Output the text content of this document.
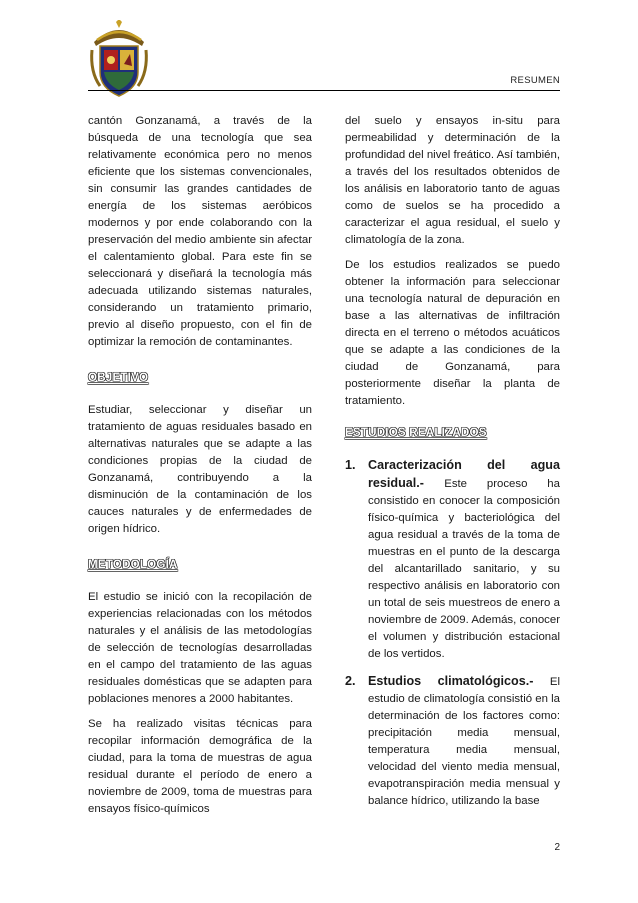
RESUMEN

cantón Gonzanamá, a través de la búsqueda de una tecnología que sea relativamente económica pero no menos eficiente que los sistemas convencionales, sin consumir las grandes cantidades de energía de los sistemas aeróbicos modernos y por ende colaborando con la preservación del medio ambiente sin afectar el calentamiento global. Para este fin se seleccionará y diseñará la tecnología más adecuada utilizando sistemas naturales, considerando un tratamiento primario, previo al diseño propuesto, con el fin de optimizar la remoción de contaminantes.

OBJETIVO

Estudiar, seleccionar y diseñar un tratamiento de aguas residuales basado en alternativas naturales que se adapte a las condiciones propias de la ciudad de Gonzanamá, contribuyendo a la disminución de la contaminación de los cauces naturales y de enfermedades de origen hídrico.

METODOLOGÍA

El estudio se inició con la recopilación de experiencias relacionadas con los métodos naturales y el análisis de las metodologías de selección de tecnologías desarrolladas en el campo del tratamiento de las aguas residuales domésticas que se adapten para poblaciones menores a 2000 habitantes.

Se ha realizado visitas técnicas para recopilar información demográfica de la ciudad, para la toma de muestras de agua residual durante el período de enero a noviembre de 2009, toma de muestras para ensayos físico-químicos

del suelo y ensayos in-situ para permeabilidad y determinación de la profundidad del nivel freático. Así también, a través del los resultados obtenidos de los análisis en laboratorio tanto de aguas como de suelos se ha procedido a caracterizar el agua residual, el suelo y climatología de la zona.

De los estudios realizados se puedo obtener la información para seleccionar una tecnología natural de depuración en base a las alternativas de infiltración directa en el terreno o métodos acuáticos que se adapte a las condiciones de la ciudad de Gonzanamá, para posteriormente diseñar la planta de tratamiento.

ESTUDIOS REALIZADOS
1. Caracterización del agua residual.- Este proceso ha consistido en conocer la composición físico-química y bacteriológica del agua residual a través de la toma de muestras en el punto de la descarga del alcantarillado sanitario, y su respectivo análisis en laboratorio con un total de seis muestreos de enero a noviembre de 2009. Además, conocer el volumen y distribución estacional de los vertidos.
2. Estudios climatológicos.- El estudio de climatología consistió en la determinación de los factores como: precipitación media mensual, temperatura media mensual, velocidad del viento media mensual, evapotranspiración media mensual y balance hídrico, utilizando la base
2
